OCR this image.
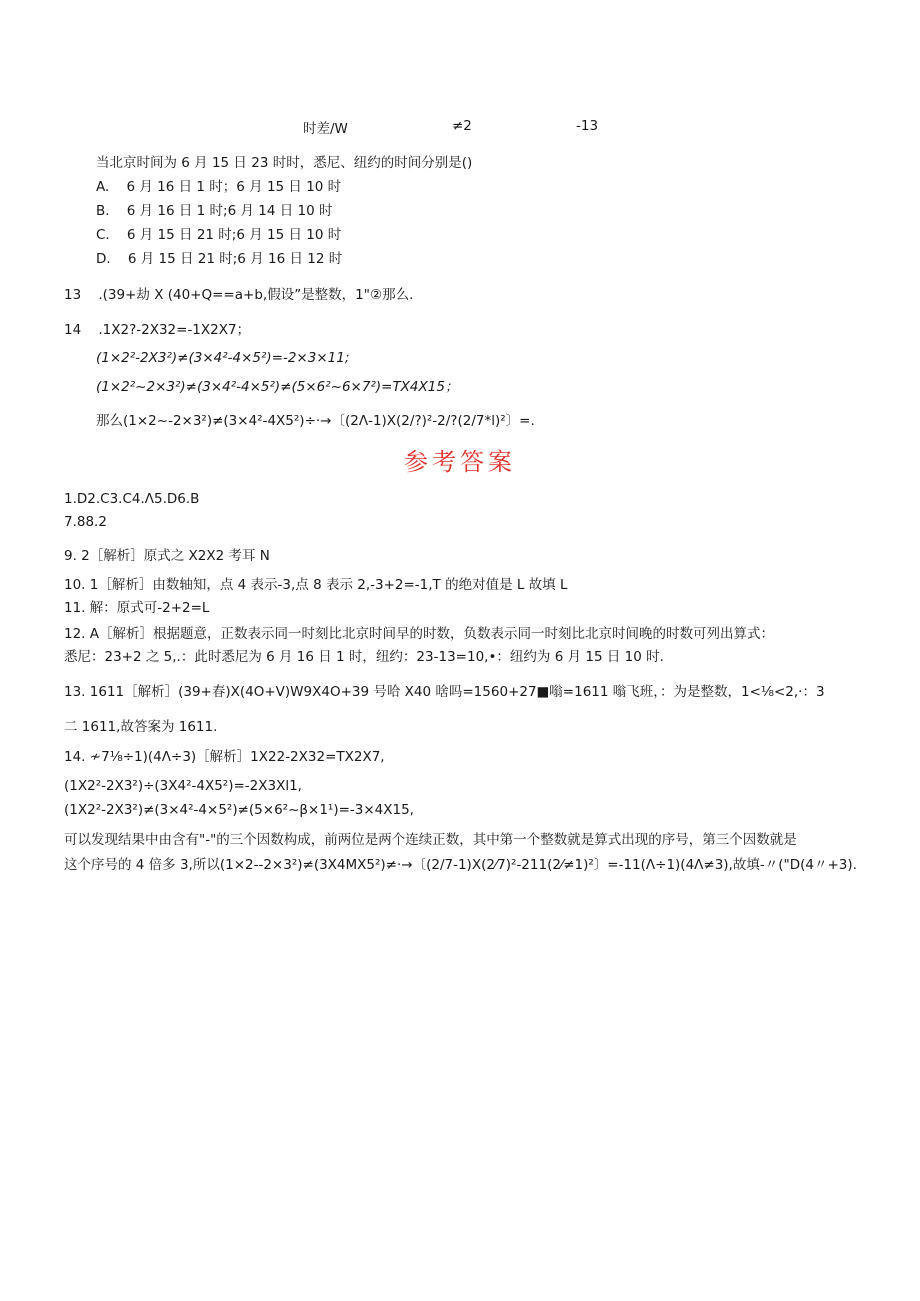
时差/W	≠2	-13
当北京时间为 6 月 15 日 23 时时，悉尼、纽约的时间分别是()
A. 6 月 16 日 1 时；6 月 15 日 10 时
B. 6 月 16 日 1 时;6 月 14 日 10 时
C. 6 月 15 日 21 时;6 月 15 日 10 时
D. 6 月 15 日 21 时;6 月 16 日 12 时
13 .(39+劫 X (40+Q==a+b,假设”是整数，1"②那么.
14 .1X2?-2X32=-1X2X7；
(1×2²-2X3²)≠(3×4²-4×5²)=-2×3×11;
(1×2²~2×3²)≠(3×4²-4×5²)≠(5×6²~6×7²)=TX4X15；
那么(1×2~-2×3²)≠(3×4²-4X5²)÷·→〔(2Λ-1)X(2/?)²-2/?(2/7*l)²〕=.
参考答案
1.D2.C3.C4.Λ5.D6.B
7.88.2
9. 2［解析］原式之 X2X2 考耳 N
10. 1［解析］由数轴知，点 4 表示-3,点 8 表示 2,-3+2=-1,T 的绝对值是 L 故填 L
11. 解：原式可-2+2=L
12. A［解析］根据题意，正数表示同一时刻比北京时间早的时数，负数表示同一时刻比北京时间晚的时数可列出算式：
悉尼：23+2 之 5,.：此时悉尼为 6 月 16 日 1 时，纽约：23-13=10,•：纽约为 6 月 15 日 10 时.
13. 1611［解析］(39+春)X(4O+V)W9X4O+39 号哈 X40 啥吗=1560+27■嗡=1611 嗡飞班，：为是整数，1<⅛<2,·：3
二 1611,故答案为 1611.
14. ≁7⅛÷1)(4Λ÷3)［解析］1X22-2X32=TX2X7,
(1X2²-2X3²)÷(3X4²-4X5²)=-2X3Xl1,
(1X2²-2X3²)≠(3×4²-4×5²)≠(5×6²~β×1¹)=-3×4X15,
可以发现结果中由含有"-"的三个因数构成，前两位是两个连续正数，其中第一个整数就是算式出现的序号，第三个因数就是
这个序号的 4 倍多 3,所以(1×2--2×3²)≠(3X4MX5²)≠·→〔(2/7-1)X(2⁄7)²-211(2⁄≠1)²〕=-11(Λ÷1)(4Λ≠3),故填-〃("D(4〃+3).
